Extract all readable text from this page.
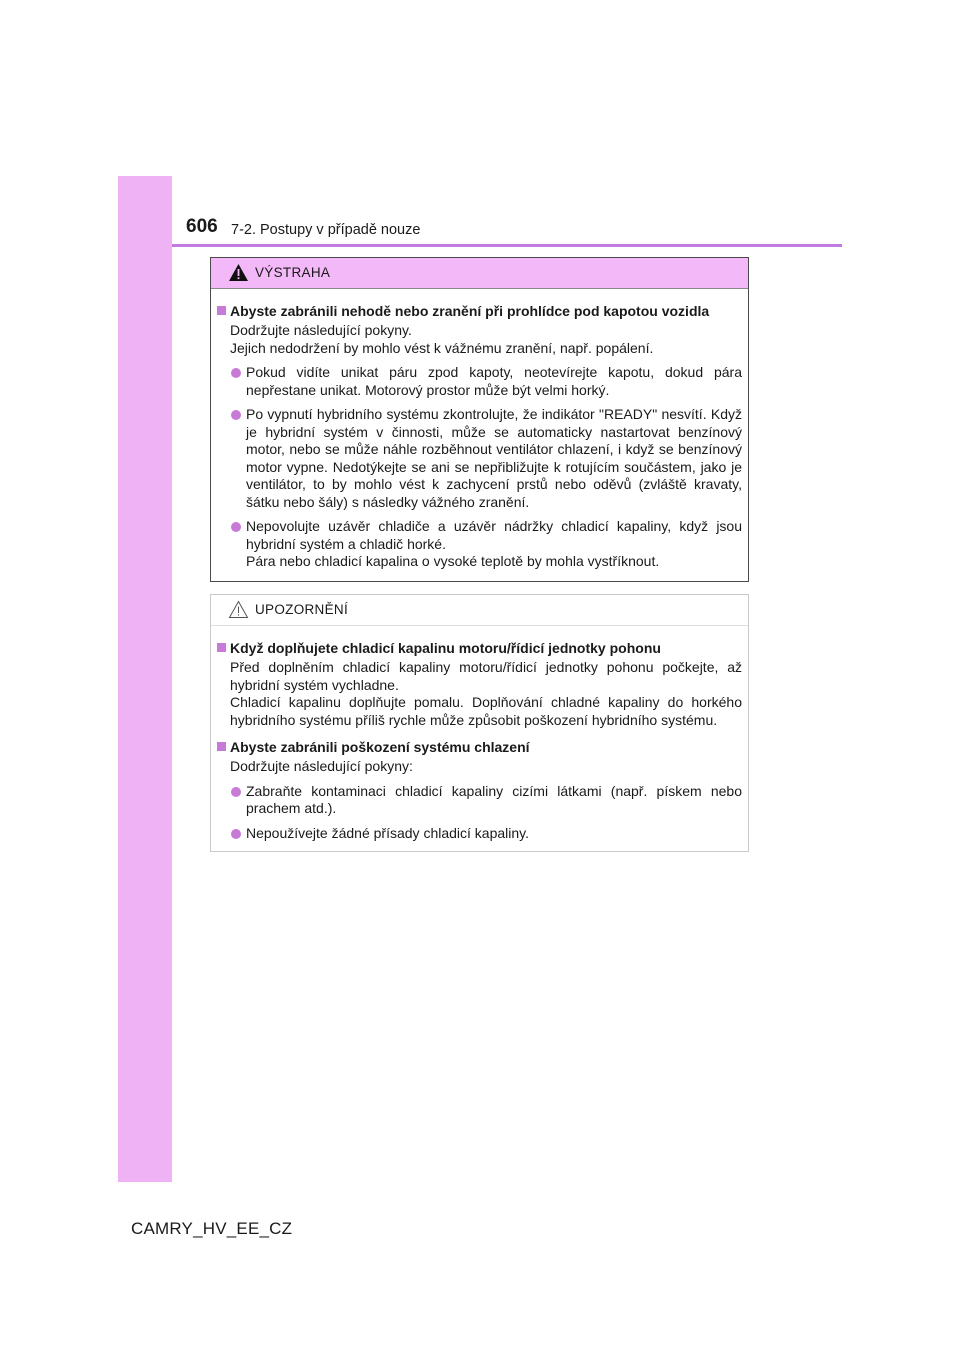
606 7-2. Postupy v případě nouze
VÝSTRAHA
Abyste zabránili nehodě nebo zranění při prohlídce pod kapotou vozidla
Dodržujte následující pokyny.
Jejich nedodržení by mohlo vést k vážnému zranění, např. popálení.
Pokud vidíte unikat páru zpod kapoty, neotevírejte kapotu, dokud pára nepřestane unikat. Motorový prostor může být velmi horký.
Po vypnutí hybridního systému zkontrolujte, že indikátor "READY" nesvítí. Když je hybridní systém v činnosti, může se automaticky nastartovat benzínový motor, nebo se může náhle rozběhnout ventilátor chlazení, i když se benzínový motor vypne. Nedotýkejte se ani se nepřibližujte k rotujícím součástem, jako je ventilátor, to by mohlo vést k zachycení prstů nebo oděvů (zvláště kravaty, šátku nebo šály) s následky vážného zranění.
Nepovolujte uzávěr chladiče a uzávěr nádržky chladicí kapaliny, když jsou hybridní systém a chladič horké.
Pára nebo chladicí kapalina o vysoké teplotě by mohla vystříknout.
UPOZORNĚNÍ
Když doplňujete chladicí kapalinu motoru/řídicí jednotky pohonu
Před doplněním chladicí kapaliny motoru/řídicí jednotky pohonu počkejte, až hybridní systém vychladne.
Chladicí kapalinu doplňujte pomalu. Doplňování chladné kapaliny do horkého hybridního systému příliš rychle může způsobit poškození hybridního systému.
Abyste zabránili poškození systému chlazení
Dodržujte následující pokyny:
Zabraňte kontaminaci chladicí kapaliny cizími látkami (např. pískem nebo prachem atd.).
Nepoužívejte žádné přísady chladicí kapaliny.
CAMRY_HV_EE_CZ
